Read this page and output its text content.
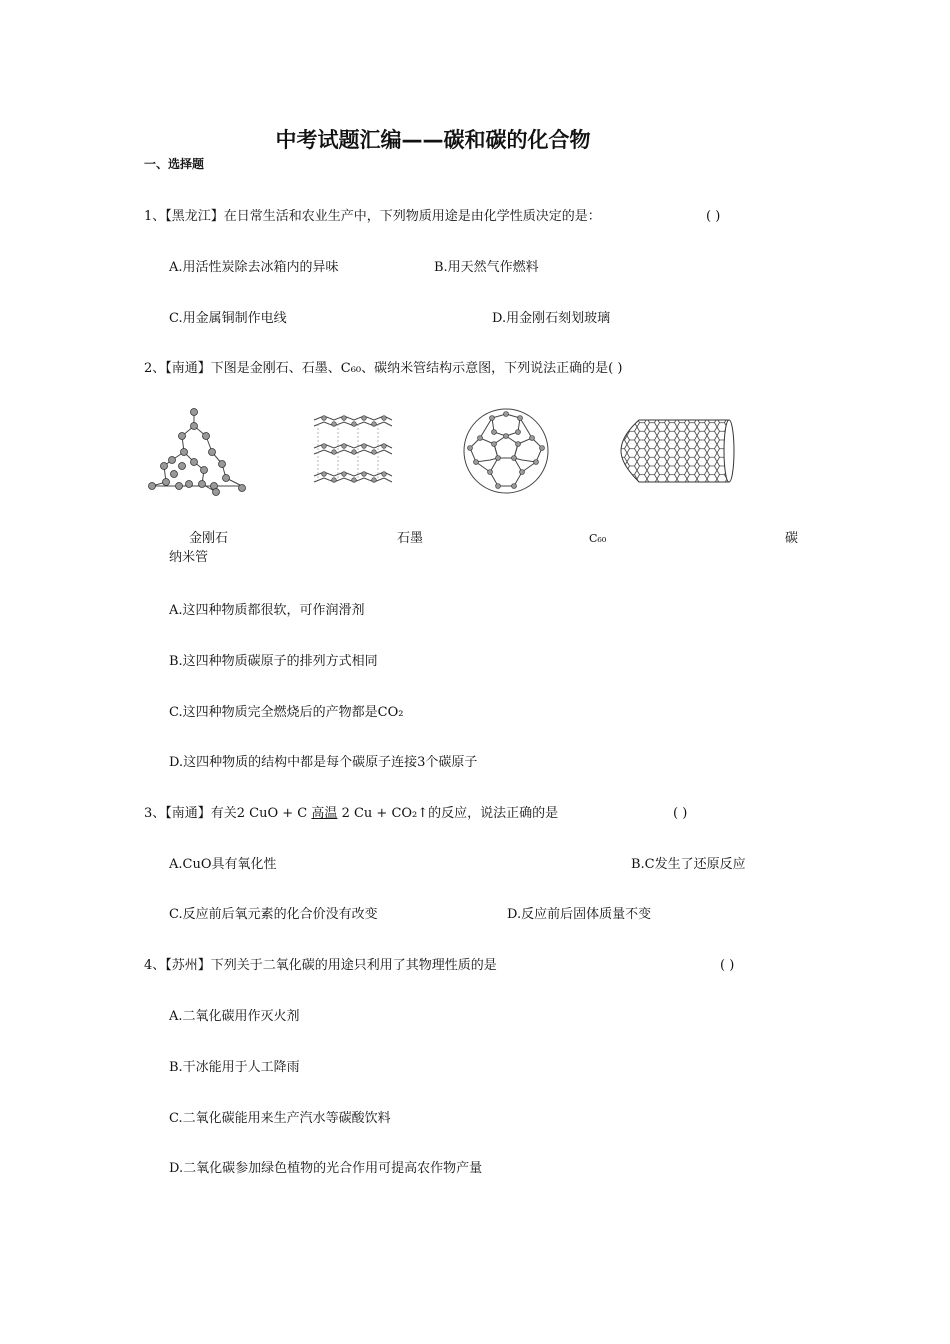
中考试题汇编——碳和碳的化合物
一、选择题
1、【黑龙江】在日常生活和农业生产中，下列物质用途是由化学性质决定的是：	( )
A.用活性炭除去冰箱内的异味	B.用天然气作燃料
C.用金属铜制作电线	D.用金刚石刻划玻璃
2、【南通】下图是金刚石、石墨、C₆₀、碳纳米管结构示意图，下列说法正确的是( )
金刚石	石墨	C₆₀	碳
纳米管
A.这四种物质都很软，可作润滑剂
B.这四种物质碳原子的排列方式相同
C.这四种物质完全燃烧后的产物都是CO₂
D.这四种物质的结构中都是每个碳原子连接3个碳原子
3、【南通】有关2 CuO + C 高温 2 Cu + CO₂↑的反应，说法正确的是	( )
A.CuO具有氧化性	B.C发生了还原反应
C.反应前后氧元素的化合价没有改变	D.反应前后固体质量不变
4、【苏州】下列关于二氧化碳的用途只利用了其物理性质的是	( )
A.二氧化碳用作灭火剂
B.干冰能用于人工降雨
C.二氧化碳能用来生产汽水等碳酸饮料
D.二氧化碳参加绿色植物的光合作用可提高农作物产量
